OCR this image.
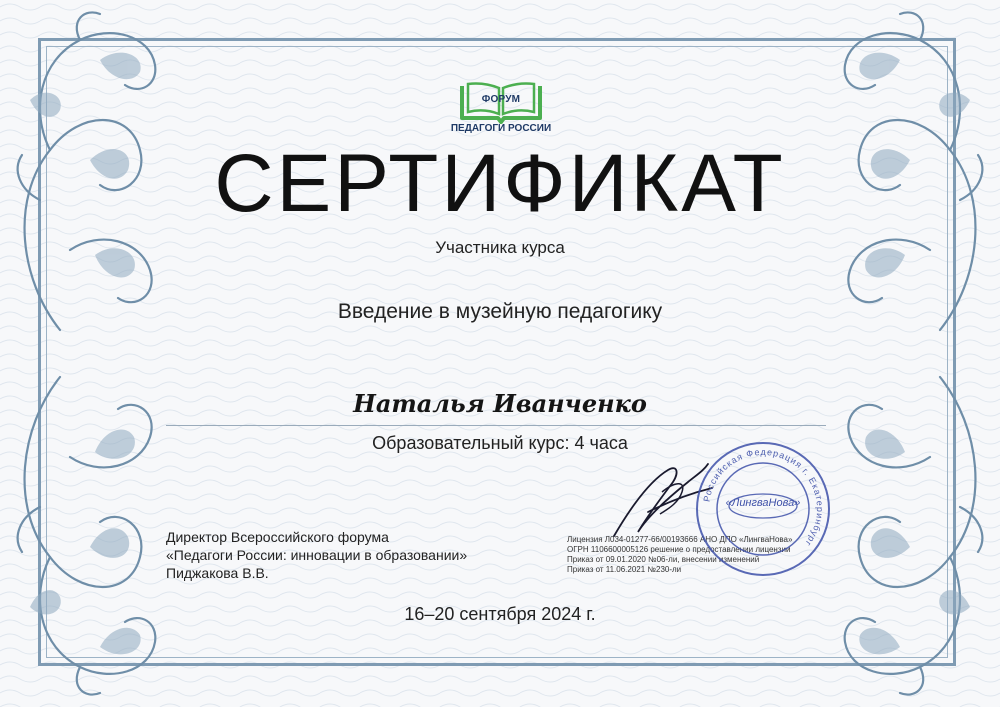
ФОРУМ
ПЕДАГОГИ РОССИИ
СЕРТИФИКАТ
Участника курса
Введение в музейную педагогику
Наталья Иванченко
Образовательный курс: 4 часа
Директор Всероссийского форума
«Педагоги России: инновации в образовании»
Пиджакова В.В.
Лицензия Л034-01277-66/00193666 АНО ДПО «ЛингваНова»
ОГРН 1106600005126 решение о предоставлении лицензии
Приказ от 09.01.2020 №06-ли, внесении изменений
Приказ от 11.06.2021 №230-ли
Российская Федерация г. Екатеринбург
«ЛингваНова»
16–20 сентября 2024 г.
